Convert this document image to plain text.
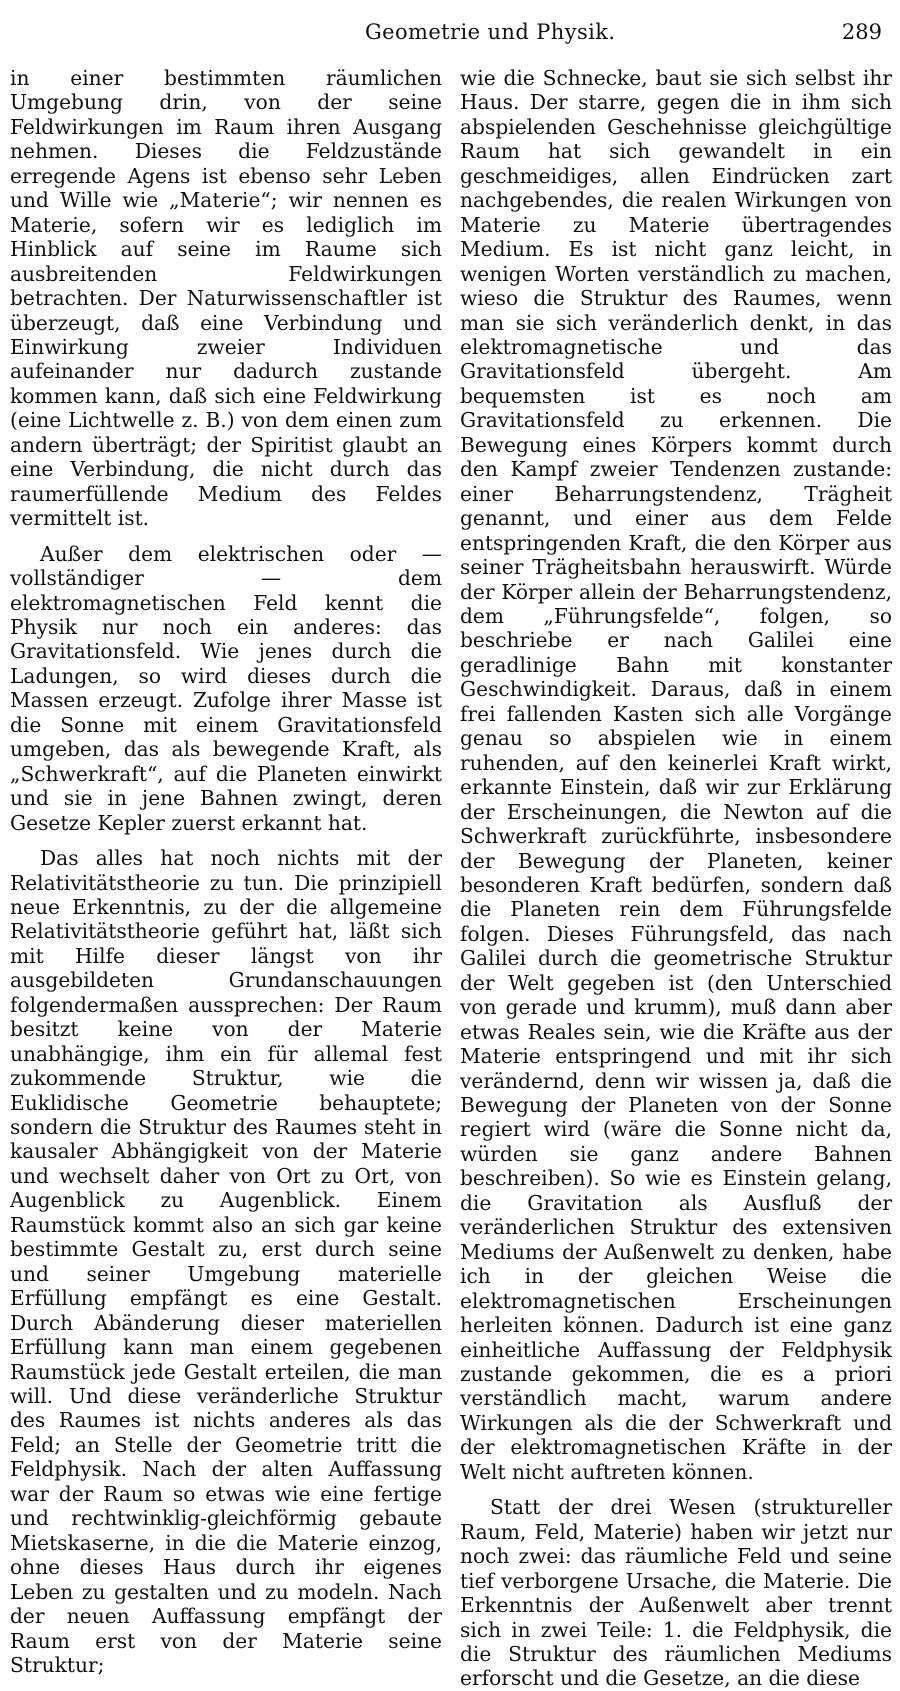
Geometrie und Physik.	289

in einer bestimmten räumlichen Umgebung drin, von der seine Feldwirkungen im Raum ihren Ausgang nehmen. Dieses die Feldzustände erregende Agens ist ebenso sehr Leben und Wille wie „Materie“; wir nennen es Materie, sofern wir es lediglich im Hinblick auf seine im Raume sich ausbreitenden Feldwirkungen betrachten. Der Naturwissenschaftler ist überzeugt, daß eine Verbindung und Einwirkung zweier Individuen aufeinander nur dadurch zustande kommen kann, daß sich eine Feldwirkung (eine Lichtwelle z. B.) von dem einen zum andern überträgt; der Spiritist glaubt an eine Verbindung, die nicht durch das raumerfüllende Medium des Feldes vermittelt ist.

Außer dem elektrischen oder — vollständiger — dem elektromagnetischen Feld kennt die Physik nur noch ein anderes: das Gravitationsfeld. Wie jenes durch die Ladungen, so wird dieses durch die Massen erzeugt. Zufolge ihrer Masse ist die Sonne mit einem Gravitationsfeld umgeben, das als bewegende Kraft, als „Schwerkraft“, auf die Planeten einwirkt und sie in jene Bahnen zwingt, deren Gesetze Kepler zuerst erkannt hat.

Das alles hat noch nichts mit der Relativitätstheorie zu tun. Die prinzipiell neue Erkenntnis, zu der die allgemeine Relativitätstheorie geführt hat, läßt sich mit Hilfe dieser längst von ihr ausgebildeten Grundanschauungen folgendermaßen aussprechen: Der Raum besitzt keine von der Materie unabhängige, ihm ein für allemal fest zukommende Struktur, wie die Euklidische Geometrie behauptete; sondern die Struktur des Raumes steht in kausaler Abhängigkeit von der Materie und wechselt daher von Ort zu Ort, von Augenblick zu Augenblick. Einem Raumstück kommt also an sich gar keine bestimmte Gestalt zu, erst durch seine und seiner Umgebung materielle Erfüllung empfängt es eine Gestalt. Durch Abänderung dieser materiellen Erfüllung kann man einem gegebenen Raumstück jede Gestalt erteilen, die man will. Und diese veränderliche Struktur des Raumes ist nichts anderes als das Feld; an Stelle der Geometrie tritt die Feldphysik. Nach der alten Auffassung war der Raum so etwas wie eine fertige und rechtwinklig-gleichförmig gebaute Mietskaserne, in die die Materie einzog, ohne dieses Haus durch ihr eigenes Leben zu gestalten und zu modeln. Nach der neuen Auffassung empfängt der Raum erst von der Materie seine Struktur;

wie die Schnecke, baut sie sich selbst ihr Haus. Der starre, gegen die in ihm sich abspielenden Geschehnisse gleichgültige Raum hat sich gewandelt in ein geschmeidiges, allen Eindrücken zart nachgebendes, die realen Wirkungen von Materie zu Materie übertragendes Medium. Es ist nicht ganz leicht, in wenigen Worten verständlich zu machen, wieso die Struktur des Raumes, wenn man sie sich veränderlich denkt, in das elektromagnetische und das Gravitationsfeld übergeht. Am bequemsten ist es noch am Gravitationsfeld zu erkennen. Die Bewegung eines Körpers kommt durch den Kampf zweier Tendenzen zustande: einer Beharrungstendenz, Trägheit genannt, und einer aus dem Felde entspringenden Kraft, die den Körper aus seiner Trägheitsbahn herauswirft. Würde der Körper allein der Beharrungstendenz, dem „Führungsfelde“, folgen, so beschriebe er nach Galilei eine geradlinige Bahn mit konstanter Geschwindigkeit. Daraus, daß in einem frei fallenden Kasten sich alle Vorgänge genau so abspielen wie in einem ruhenden, auf den keinerlei Kraft wirkt, erkannte Einstein, daß wir zur Erklärung der Erscheinungen, die Newton auf die Schwerkraft zurückführte, insbesondere der Bewegung der Planeten, keiner besonderen Kraft bedürfen, sondern daß die Planeten rein dem Führungsfelde folgen. Dieses Führungsfeld, das nach Galilei durch die geometrische Struktur der Welt gegeben ist (den Unterschied von gerade und krumm), muß dann aber etwas Reales sein, wie die Kräfte aus der Materie entspringend und mit ihr sich verändernd, denn wir wissen ja, daß die Bewegung der Planeten von der Sonne regiert wird (wäre die Sonne nicht da, würden sie ganz andere Bahnen beschreiben). So wie es Einstein gelang, die Gravitation als Ausfluß der veränderlichen Struktur des extensiven Mediums der Außenwelt zu denken, habe ich in der gleichen Weise die elektromagnetischen Erscheinungen herleiten können. Dadurch ist eine ganz einheitliche Auffassung der Feldphysik zustande gekommen, die es a priori verständlich macht, warum andere Wirkungen als die der Schwerkraft und der elektromagnetischen Kräfte in der Welt nicht auftreten können.

Statt der drei Wesen (struktureller Raum, Feld, Materie) haben wir jetzt nur noch zwei: das räumliche Feld und seine tief verborgene Ursache, die Materie. Die Erkenntnis der Außenwelt aber trennt sich in zwei Teile: 1. die Feldphysik, die die Struktur des räumlichen Mediums erforscht und die Gesetze, an die diese
